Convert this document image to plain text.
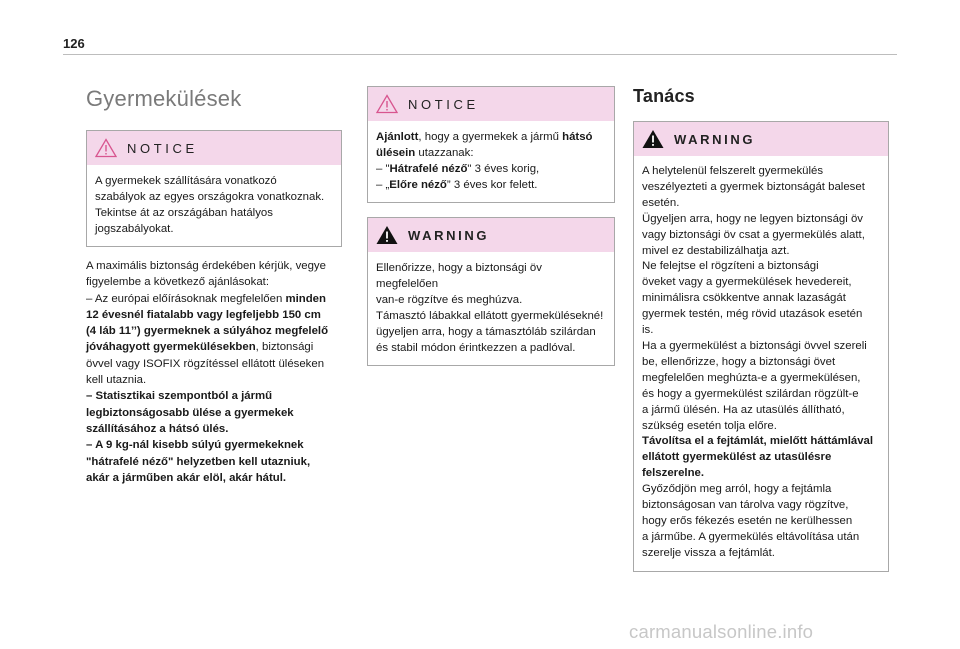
126
Gyermekülések
NOTICE

A gyermekek szállítására vonatkozó

szabályok az egyes országokra vonatkoznak.

Tekintse át az országában hatályos

jogszabályokat.

A maximális biztonság érdekében kérjük, vegye

figyelembe a következő ajánlásokat:

– Az európai előírásoknak megfelelően minden

12 évesnél fiatalabb vagy legfeljebb 150 cm

(4 láb 11’’) gyermeknek a súlyához megfelelő

jóváhagyott gyermekülésekben, biztonsági

övvel vagy ISOFIX rögzítéssel ellátott üléseken

kell utaznia.

– Statisztikai szempontból a jármű

legbiztonságosabb ülése a gyermekek

szállításához a hátsó ülés.

– A 9 kg-nál kisebb súlyú gyermekeknek

"hátrafelé néző" helyzetben kell utazniuk,

akár a járműben akár elöl, akár hátul.

NOTICE

Ajánlott, hogy a gyermekek a jármű hátsó

ülésein utazzanak:

– "Hátrafelé néző" 3 éves korig,

– „Előre néző” 3 éves kor felett.

WARNING

Ellenőrizze, hogy a biztonsági öv megfelelően

van-e rögzítve és meghúzva.

Támasztó lábakkal ellátott gyermekülésekné!

ügyeljen arra, hogy a támasztóláb szilárdan

és stabil módon érintkezzen a padlóval.

Tanács
WARNING

A helytelenül felszerelt gyermekülés

veszélyezteti a gyermek biztonságát baleset

esetén.

Ügyeljen arra, hogy ne legyen biztonsági öv

vagy biztonsági öv csat a gyermekülés alatt,

mivel ez destabilizálhatja azt.

Ne felejtse el rögzíteni a biztonsági

öveket vagy a gyermekülések hevedereit,

minimálisra csökkentve annak lazaságát

gyermek testén, még rövid utazások esetén

is.

Ha a gyermekülést a biztonsági övvel szereli

be, ellenőrizze, hogy a biztonsági övet

megfelelően meghúzta-e a gyermekülésen,

és hogy a gyermekülést szilárdan rögzült-e

a jármű ülésén. Ha az utasülés állítható,

szükség esetén tolja előre.

Távolítsa el a fejtámlát, mielőtt háttámlával

ellátott gyermekülést az utasülésre

felszerelne.

Győződjön meg arról, hogy a fejtámla

biztonságosan van tárolva vagy rögzítve,

hogy erős fékezés esetén ne kerülhessen

a járműbe. A gyermekülés eltávolítása után

szerelje vissza a fejtámlát.

carmanualsonline.info
